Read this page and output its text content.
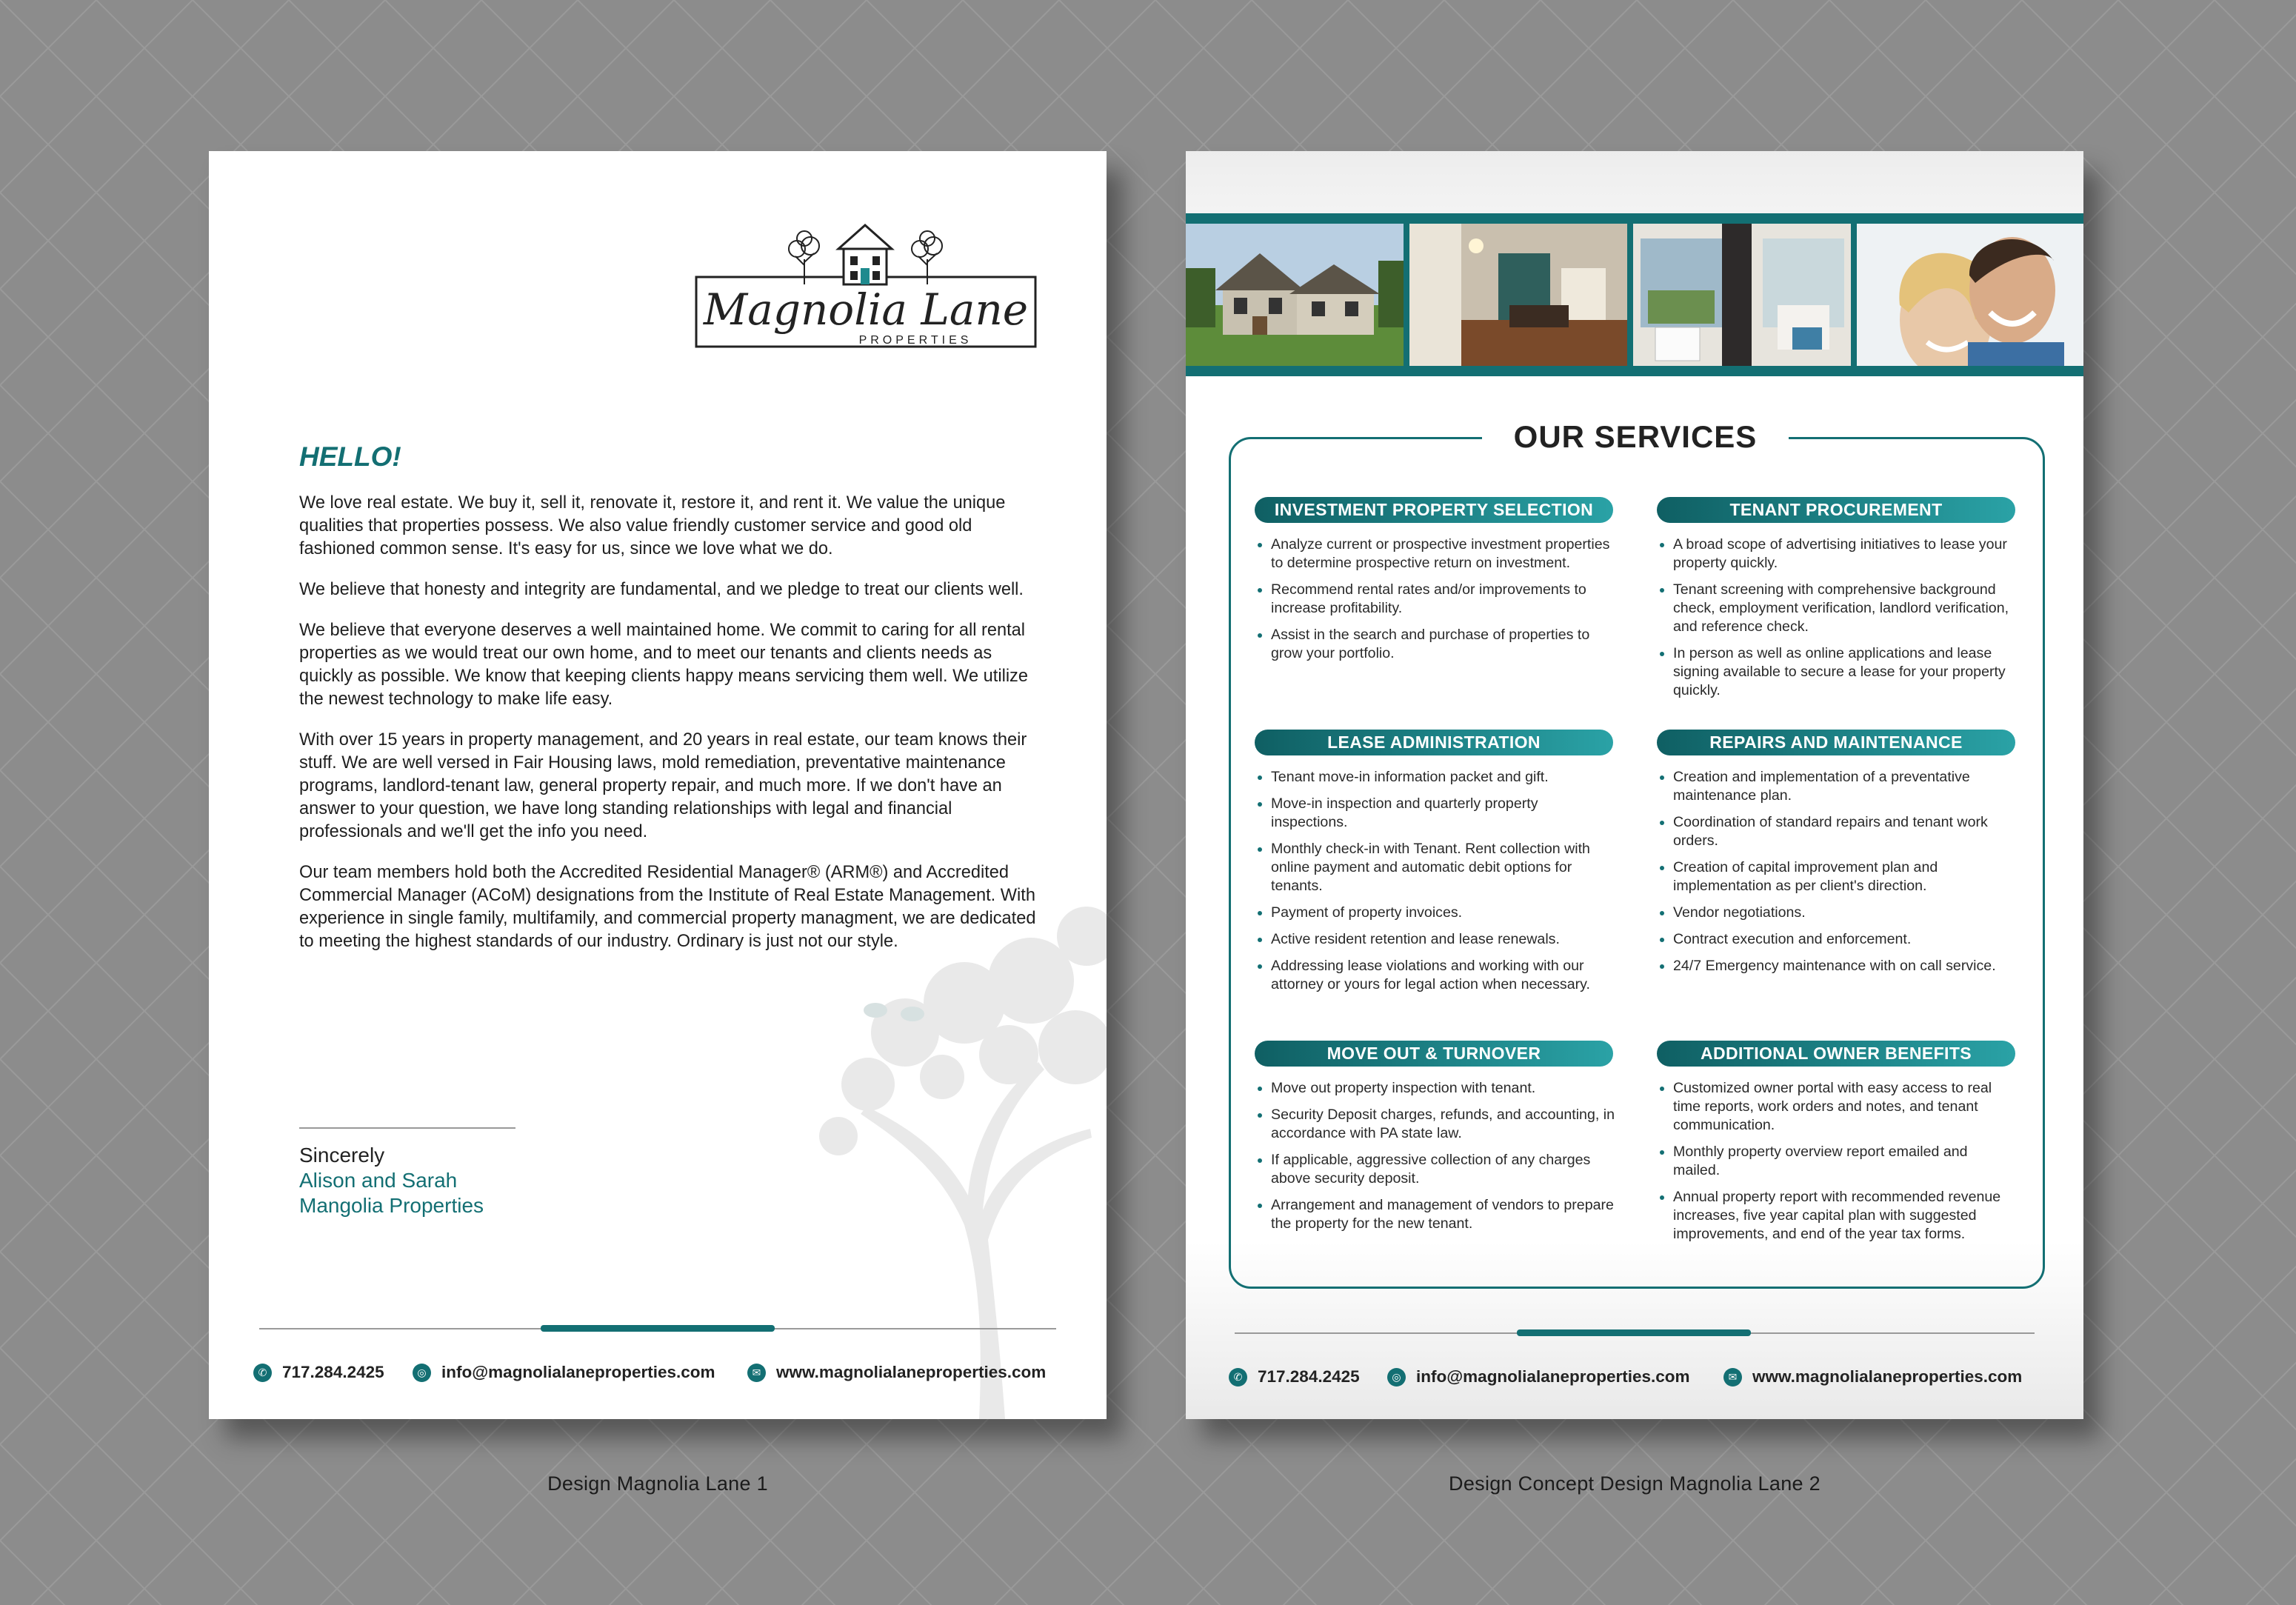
Magnolia Lane
PROPERTIES
HELLO!

We love real estate. We buy it, sell it, renovate it, restore it, and rent it. We value the unique qualities that properties possess. We also value friendly customer service and good old fashioned common sense. It's easy for us, since we love what we do.

We believe that honesty and integrity are fundamental, and we pledge to treat our clients well.

We believe that everyone deserves a well maintained home. We commit to caring for all rental properties as we would treat our own home, and to meet our tenants and clients needs as quickly as possible. We know that keeping clients happy means servicing them well. We utilize the newest technology to make life easy.

With over 15 years in property management, and 20 years in real estate, our team knows their stuff. We are well versed in Fair Housing laws, mold remediation, preventative maintenance programs, landlord-tenant law, general property repair, and much more. If we don't have an answer to your question, we have long standing relationships with legal and financial professionals and we'll get the info you need.

Our team members hold both the Accredited Residential Manager® (ARM®) and Accredited Commercial Manager (ACoM) designations from the Institute of Real Estate Management. With experience in single family, multifamily, and commercial property managment, we are dedicated to meeting the highest standards of our industry. Ordinary is just not our style.

Sincerely
Alison and Sarah
Mangolia Properties
✆ 717.284.2425	◎ info@magnolialaneproperties.com	✉ www.magnolialaneproperties.com
OUR SERVICES
INVESTMENT PROPERTY SELECTION	TENANT PROCUREMENT
LEASE ADMINISTRATION	REPAIRS AND MAINTENANCE
MOVE OUT & TURNOVER	ADDITIONAL OWNER BENEFITS
Analyze current or prospective investment properties to determine prospective return on investment.
Recommend rental rates and/or improvements to increase profitability.
Assist in the search and purchase of properties to grow your portfolio.
A broad scope of advertising initiatives to lease your property quickly.
Tenant screening with comprehensive background check, employment verification, landlord verification, and reference check.
In person as well as online applications and lease signing available to secure a lease for your property quickly.
Tenant move-in information packet and gift.
Move-in inspection and quarterly property inspections.
Monthly check-in with Tenant. Rent collection with online payment and automatic debit options for tenants.
Payment of property invoices.
Active resident retention and lease renewals.
Addressing lease violations and working with our attorney or yours for legal action when necessary.
Creation and implementation of a preventative maintenance plan.
Coordination of standard repairs and tenant work orders.
Creation of capital improvement plan and implementation as per client's direction.
Vendor negotiations.
Contract execution and enforcement.
24/7 Emergency maintenance with on call service.
Move out property inspection with tenant.
Security Deposit charges, refunds, and accounting, in accordance with PA state law.
If applicable, aggressive collection of any charges above security deposit.
Arrangement and management of vendors to prepare the property for the new tenant.
Customized owner portal with easy access to real time reports, work orders and notes, and tenant communication.
Monthly property overview report emailed and mailed.
Annual property report with recommended revenue increases, five year capital plan with suggested improvements, and end of the year tax forms.
✆ 717.284.2425	◎ info@magnolialaneproperties.com	✉ www.magnolialaneproperties.com
Design Magnolia Lane 1	Design Concept Design Magnolia Lane 2
